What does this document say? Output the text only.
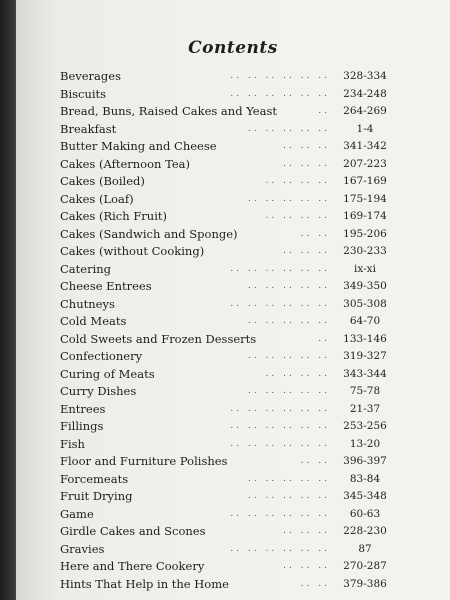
Contents
Beverages	.. .. .. .. .. ..	328-334
Biscuits	.. .. .. .. .. ..	234-248
Bread, Buns, Raised Cakes and Yeast	..	264-269
Breakfast	.. .. .. .. ..	1-4
Butter Making and Cheese	.. .. ..	341-342
Cakes (Afternoon Tea)	.. .. ..	207-223
Cakes (Boiled)	.. .. .. ..	167-169
Cakes (Loaf)	.. .. .. .. ..	175-194
Cakes (Rich Fruit)	.. .. .. ..	169-174
Cakes (Sandwich and Sponge)	.. ..	195-206
Cakes (without Cooking)	.. .. ..	230-233
Catering	.. .. .. .. .. ..	ix-xi
Cheese Entrees	.. .. .. .. ..	349-350
Chutneys	.. .. .. .. .. ..	305-308
Cold Meats	.. .. .. .. ..	64-70
Cold Sweets and Frozen Desserts	..	133-146
Confectionery	.. .. .. .. ..	319-327
Curing of Meats	.. .. .. ..	343-344
Curry Dishes	.. .. .. .. ..	75-78
Entrees	.. .. .. .. .. ..	21-37
Fillings	.. .. .. .. .. ..	253-256
Fish	.. .. .. .. .. ..	13-20
Floor and Furniture Polishes	.. ..	396-397
Forcemeats	.. .. .. .. ..	83-84
Fruit Drying	.. .. .. .. ..	345-348
Game	.. .. .. .. .. ..	60-63
Girdle Cakes and Scones	.. .. ..	228-230
Gravies	.. .. .. .. .. ..	87
Here and There Cookery	.. .. ..	270-287
Hints That Help in the Home	.. ..	379-386
